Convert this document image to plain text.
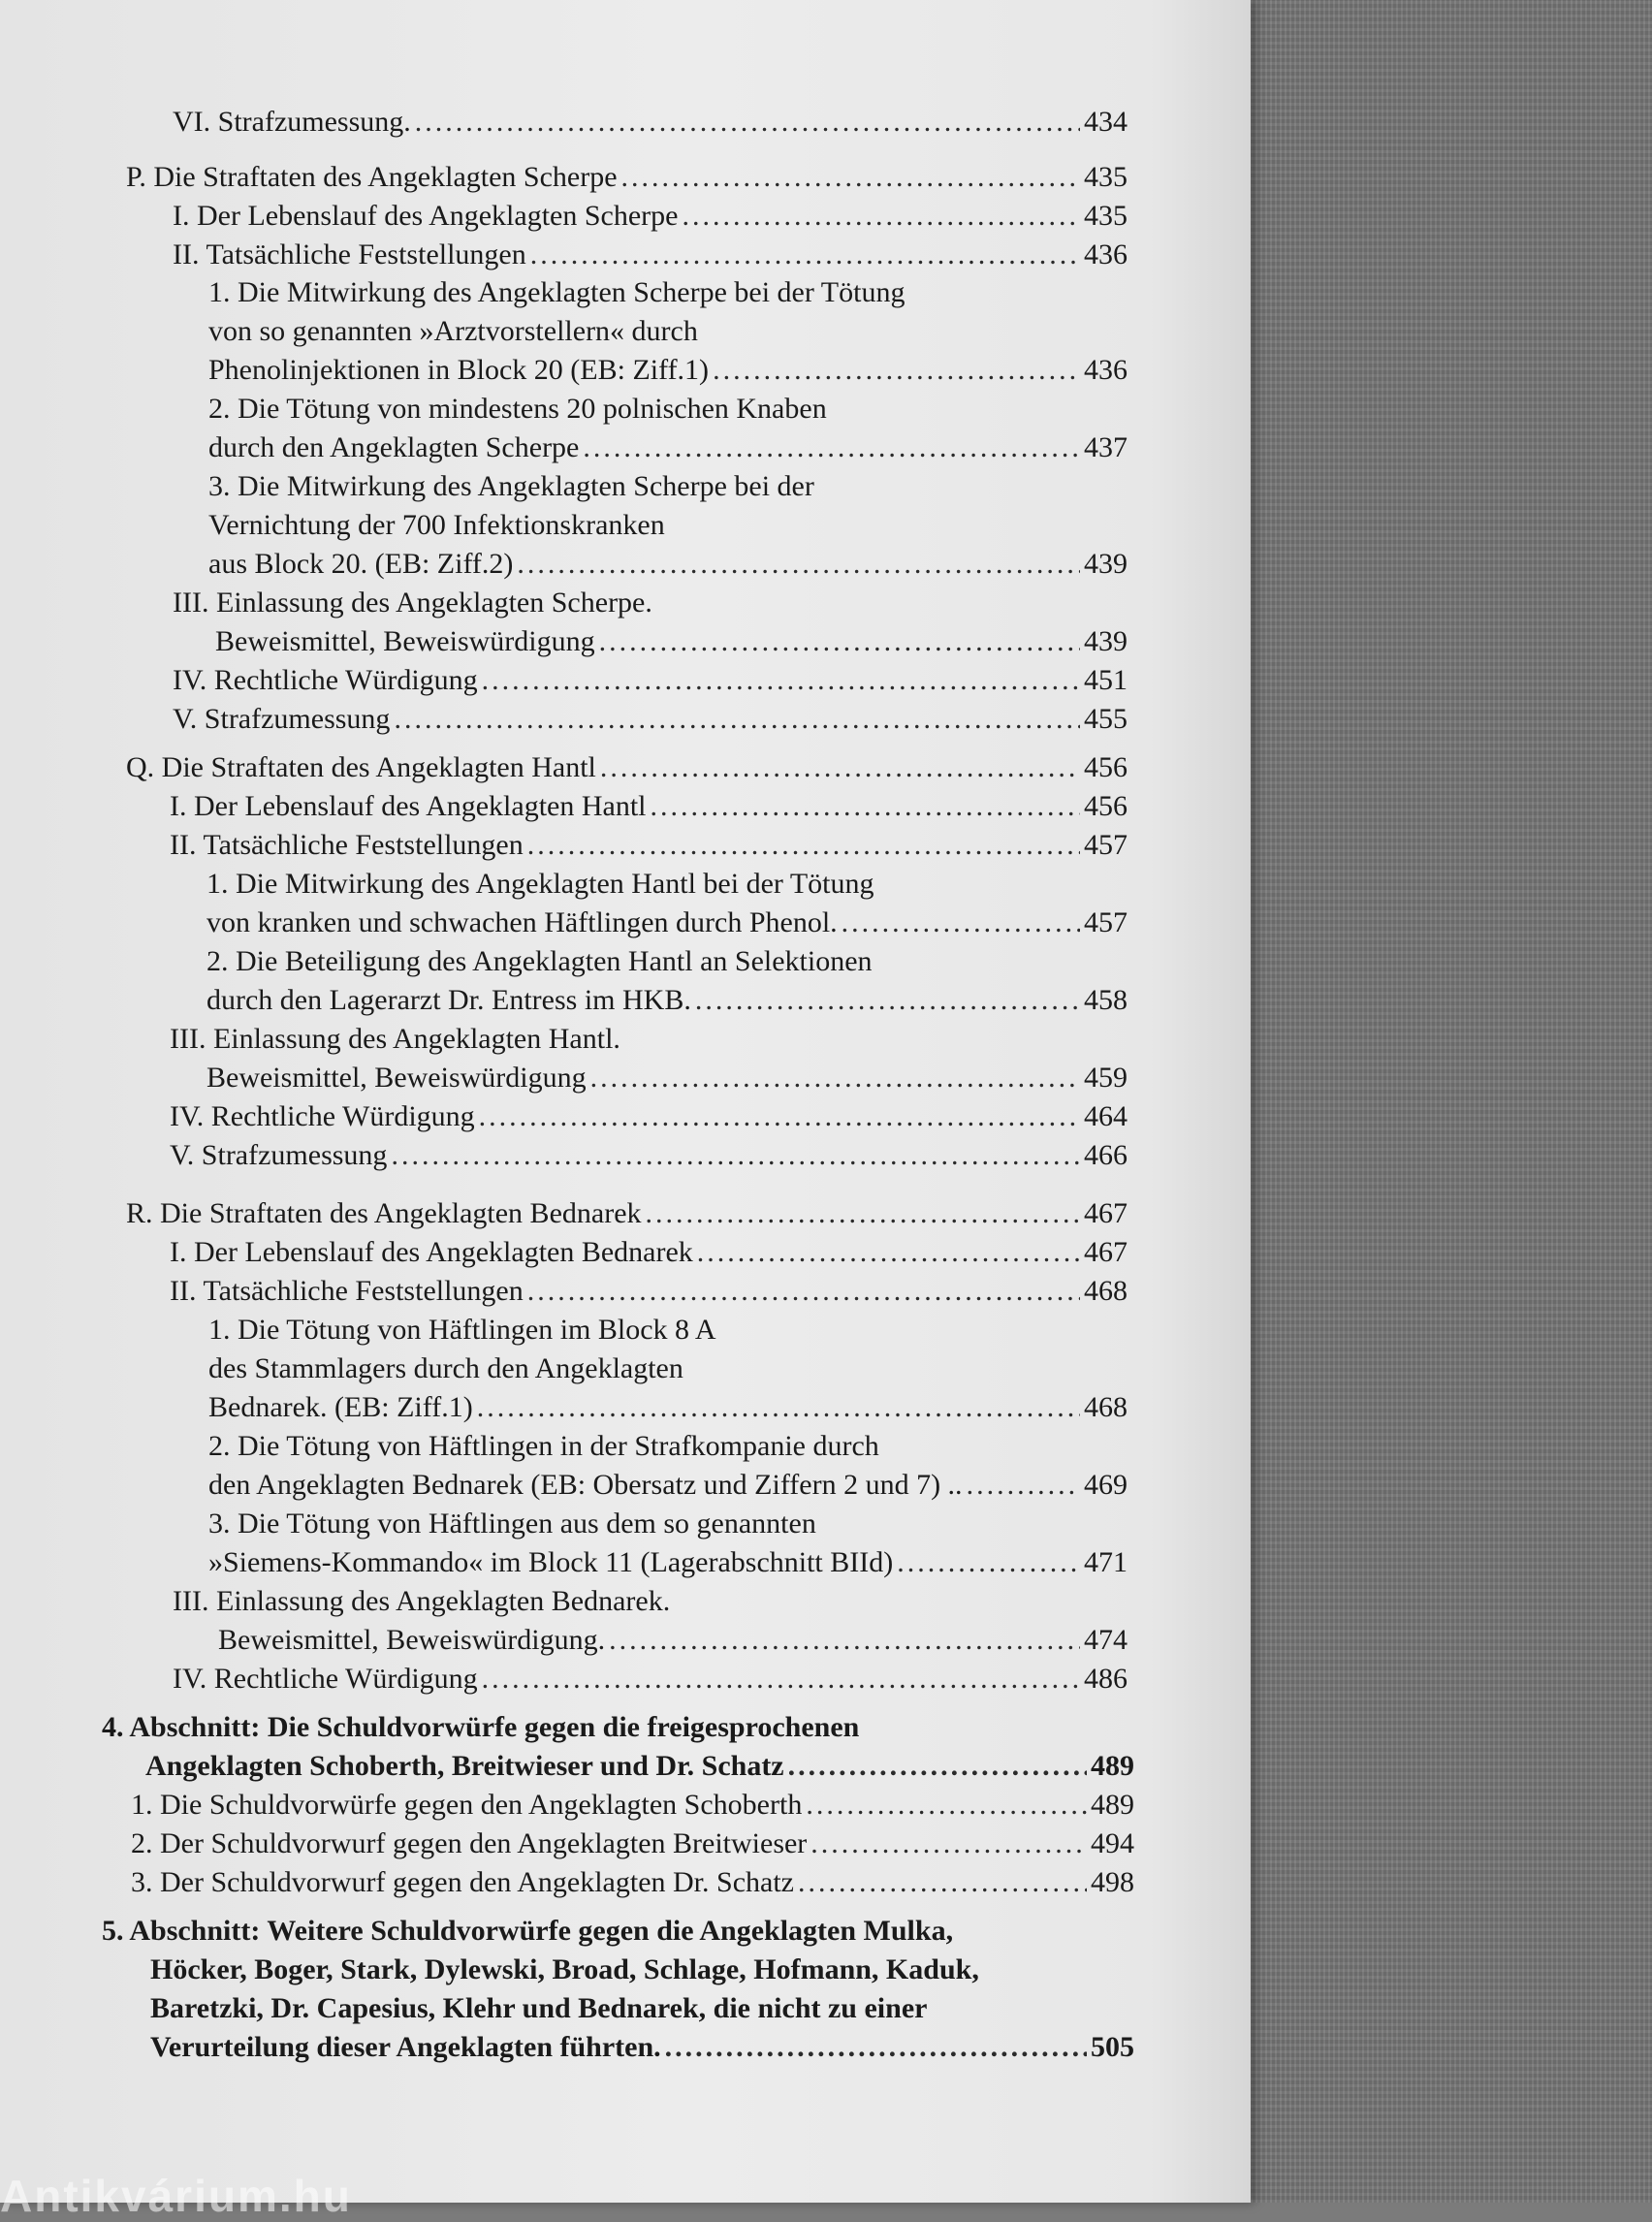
VI. Strafzumessung. .....	434
P. Die Straftaten des Angeklagten Scherpe .....	435
I. Der Lebenslauf des Angeklagten Scherpe .....	435
II. Tatsächliche Feststellungen .....	436
1. Die Mitwirkung des Angeklagten Scherpe bei der Tötung
von so genannten »Arztvorstellern« durch
Phenolinjektionen in Block 20 (EB: Ziff.1) .....	436
2. Die Tötung von mindestens 20 polnischen Knaben
durch den Angeklagten Scherpe .....	437
3. Die Mitwirkung des Angeklagten Scherpe bei der
Vernichtung der 700 Infektionskranken
aus Block 20. (EB: Ziff.2) .....	439
III. Einlassung des Angeklagten Scherpe.
Beweismittel, Beweiswürdigung .....	439
IV. Rechtliche Würdigung .....	451
V. Strafzumessung .....	455
Q. Die Straftaten des Angeklagten Hantl .....	456
I. Der Lebenslauf des Angeklagten Hantl .....	456
II. Tatsächliche Feststellungen .....	457
1. Die Mitwirkung des Angeklagten Hantl bei der Tötung
von kranken und schwachen Häftlingen durch Phenol. .....	457
2. Die Beteiligung des Angeklagten Hantl an Selektionen
durch den Lagerarzt Dr. Entress im HKB. .....	458
III. Einlassung des Angeklagten Hantl.
Beweismittel, Beweiswürdigung .....	459
IV. Rechtliche Würdigung .....	464
V. Strafzumessung .....	466
R. Die Straftaten des Angeklagten Bednarek .....	467
I. Der Lebenslauf des Angeklagten Bednarek .....	467
II. Tatsächliche Feststellungen .....	468
1. Die Tötung von Häftlingen im Block 8 A
des Stammlagers durch den Angeklagten
Bednarek. (EB: Ziff.1) .....	468
2. Die Tötung von Häftlingen in der Strafkompanie durch
den Angeklagten Bednarek (EB: Obersatz und Ziffern 2 und 7) .. .....	469
3. Die Tötung von Häftlingen aus dem so genannten
»Siemens-Kommando« im Block 11 (Lagerabschnitt BIId) .....	471
III. Einlassung des Angeklagten Bednarek.
Beweismittel, Beweiswürdigung. .....	474
IV. Rechtliche Würdigung .....	486
4. Abschnitt: Die Schuldvorwürfe gegen die freigesprochenen
Angeklagten Schoberth, Breitwieser und Dr. Schatz .....	489
1. Die Schuldvorwürfe gegen den Angeklagten Schoberth .....	489
2. Der Schuldvorwurf gegen den Angeklagten Breitwieser .....	494
3. Der Schuldvorwurf gegen den Angeklagten Dr. Schatz .....	498
5. Abschnitt: Weitere Schuldvorwürfe gegen die Angeklagten Mulka,
Höcker, Boger, Stark, Dylewski, Broad, Schlage, Hofmann, Kaduk,
Baretzki, Dr. Capesius, Klehr und Bednarek, die nicht zu einer
Verurteilung dieser Angeklagten führten. .....	505
Antikvárium.hu
